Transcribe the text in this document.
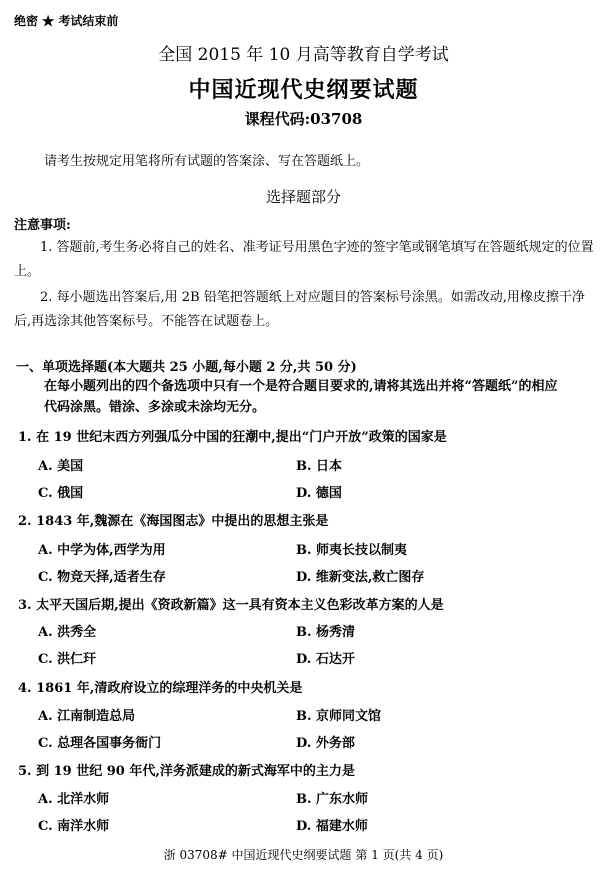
绝密 ★ 考试结束前
全国 2015 年 10 月高等教育自学考试
中国近现代史纲要试题
课程代码:03708
请考生按规定用笔将所有试题的答案涂、写在答题纸上。
选择题部分
注意事项:
1. 答题前,考生务必将自己的姓名、准考证号用黑色字迹的签字笔或钢笔填写在答题纸规定的位置上。
2. 每小题选出答案后,用 2B 铅笔把答题纸上对应题目的答案标号涂黑。如需改动,用橡皮擦干净后,再选涂其他答案标号。不能答在试题卷上。
一、单项选择题(本大题共 25 小题,每小题 2 分,共 50 分)
在每小题列出的四个备选项中只有一个是符合题目要求的,请将其选出并将“答题纸”的相应代码涂黑。错涂、多涂或未涂均无分。
1. 在 19 世纪末西方列强瓜分中国的狂潮中,提出“门户开放”政策的国家是
A. 美国	B. 日本
C. 俄国	D. 德国
2. 1843 年,魏源在《海国图志》中提出的思想主张是
A. 中学为体,西学为用	B. 师夷长技以制夷
C. 物竞天择,适者生存	D. 维新变法,救亡图存
3. 太平天国后期,提出《资政新篇》这一具有资本主义色彩改革方案的人是
A. 洪秀全	B. 杨秀清
C. 洪仁玕	D. 石达开
4. 1861 年,清政府设立的综理洋务的中央机关是
A. 江南制造总局	B. 京师同文馆
C. 总理各国事务衙门	D. 外务部
5. 到 19 世纪 90 年代,洋务派建成的新式海军中的主力是
A. 北洋水师	B. 广东水师
C. 南洋水师	D. 福建水师
浙 03708# 中国近现代史纲要试题 第 1 页(共 4 页)
